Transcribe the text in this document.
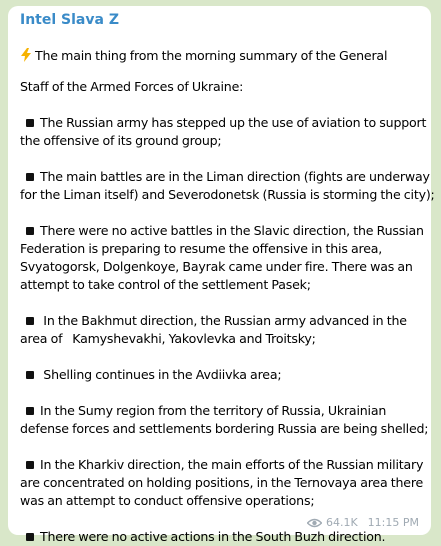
Intel Slava Z

The main thing from the morning summary of the General

Staff of the Armed Forces of Ukraine:

The Russian army has stepped up the use of aviation to support

the offensive of its ground group;

The main battles are in the Liman direction (fights are underway

for the Liman itself) and Severodonetsk (Russia is storming the city);

There were no active battles in the Slavic direction, the Russian

Federation is preparing to resume the offensive in this area,

Svyatogorsk, Dolgenkoye, Bayrak came under fire. There was an

attempt to take control of the settlement Pasek;

In the Bakhmut direction, the Russian army advanced in the

area of   Kamyshevakhi, Yakovlevka and Troitsky;

Shelling continues in the Avdiivka area;

In the Sumy region from the territory of Russia, Ukrainian

defense forces and settlements bordering Russia are being shelled;

In the Kharkiv direction, the main efforts of the Russian military

are concentrated on holding positions, in the Ternovaya area there

was an attempt to conduct offensive operations;

There were no active actions in the South Buzh direction.

64.1K 11:15 PM
